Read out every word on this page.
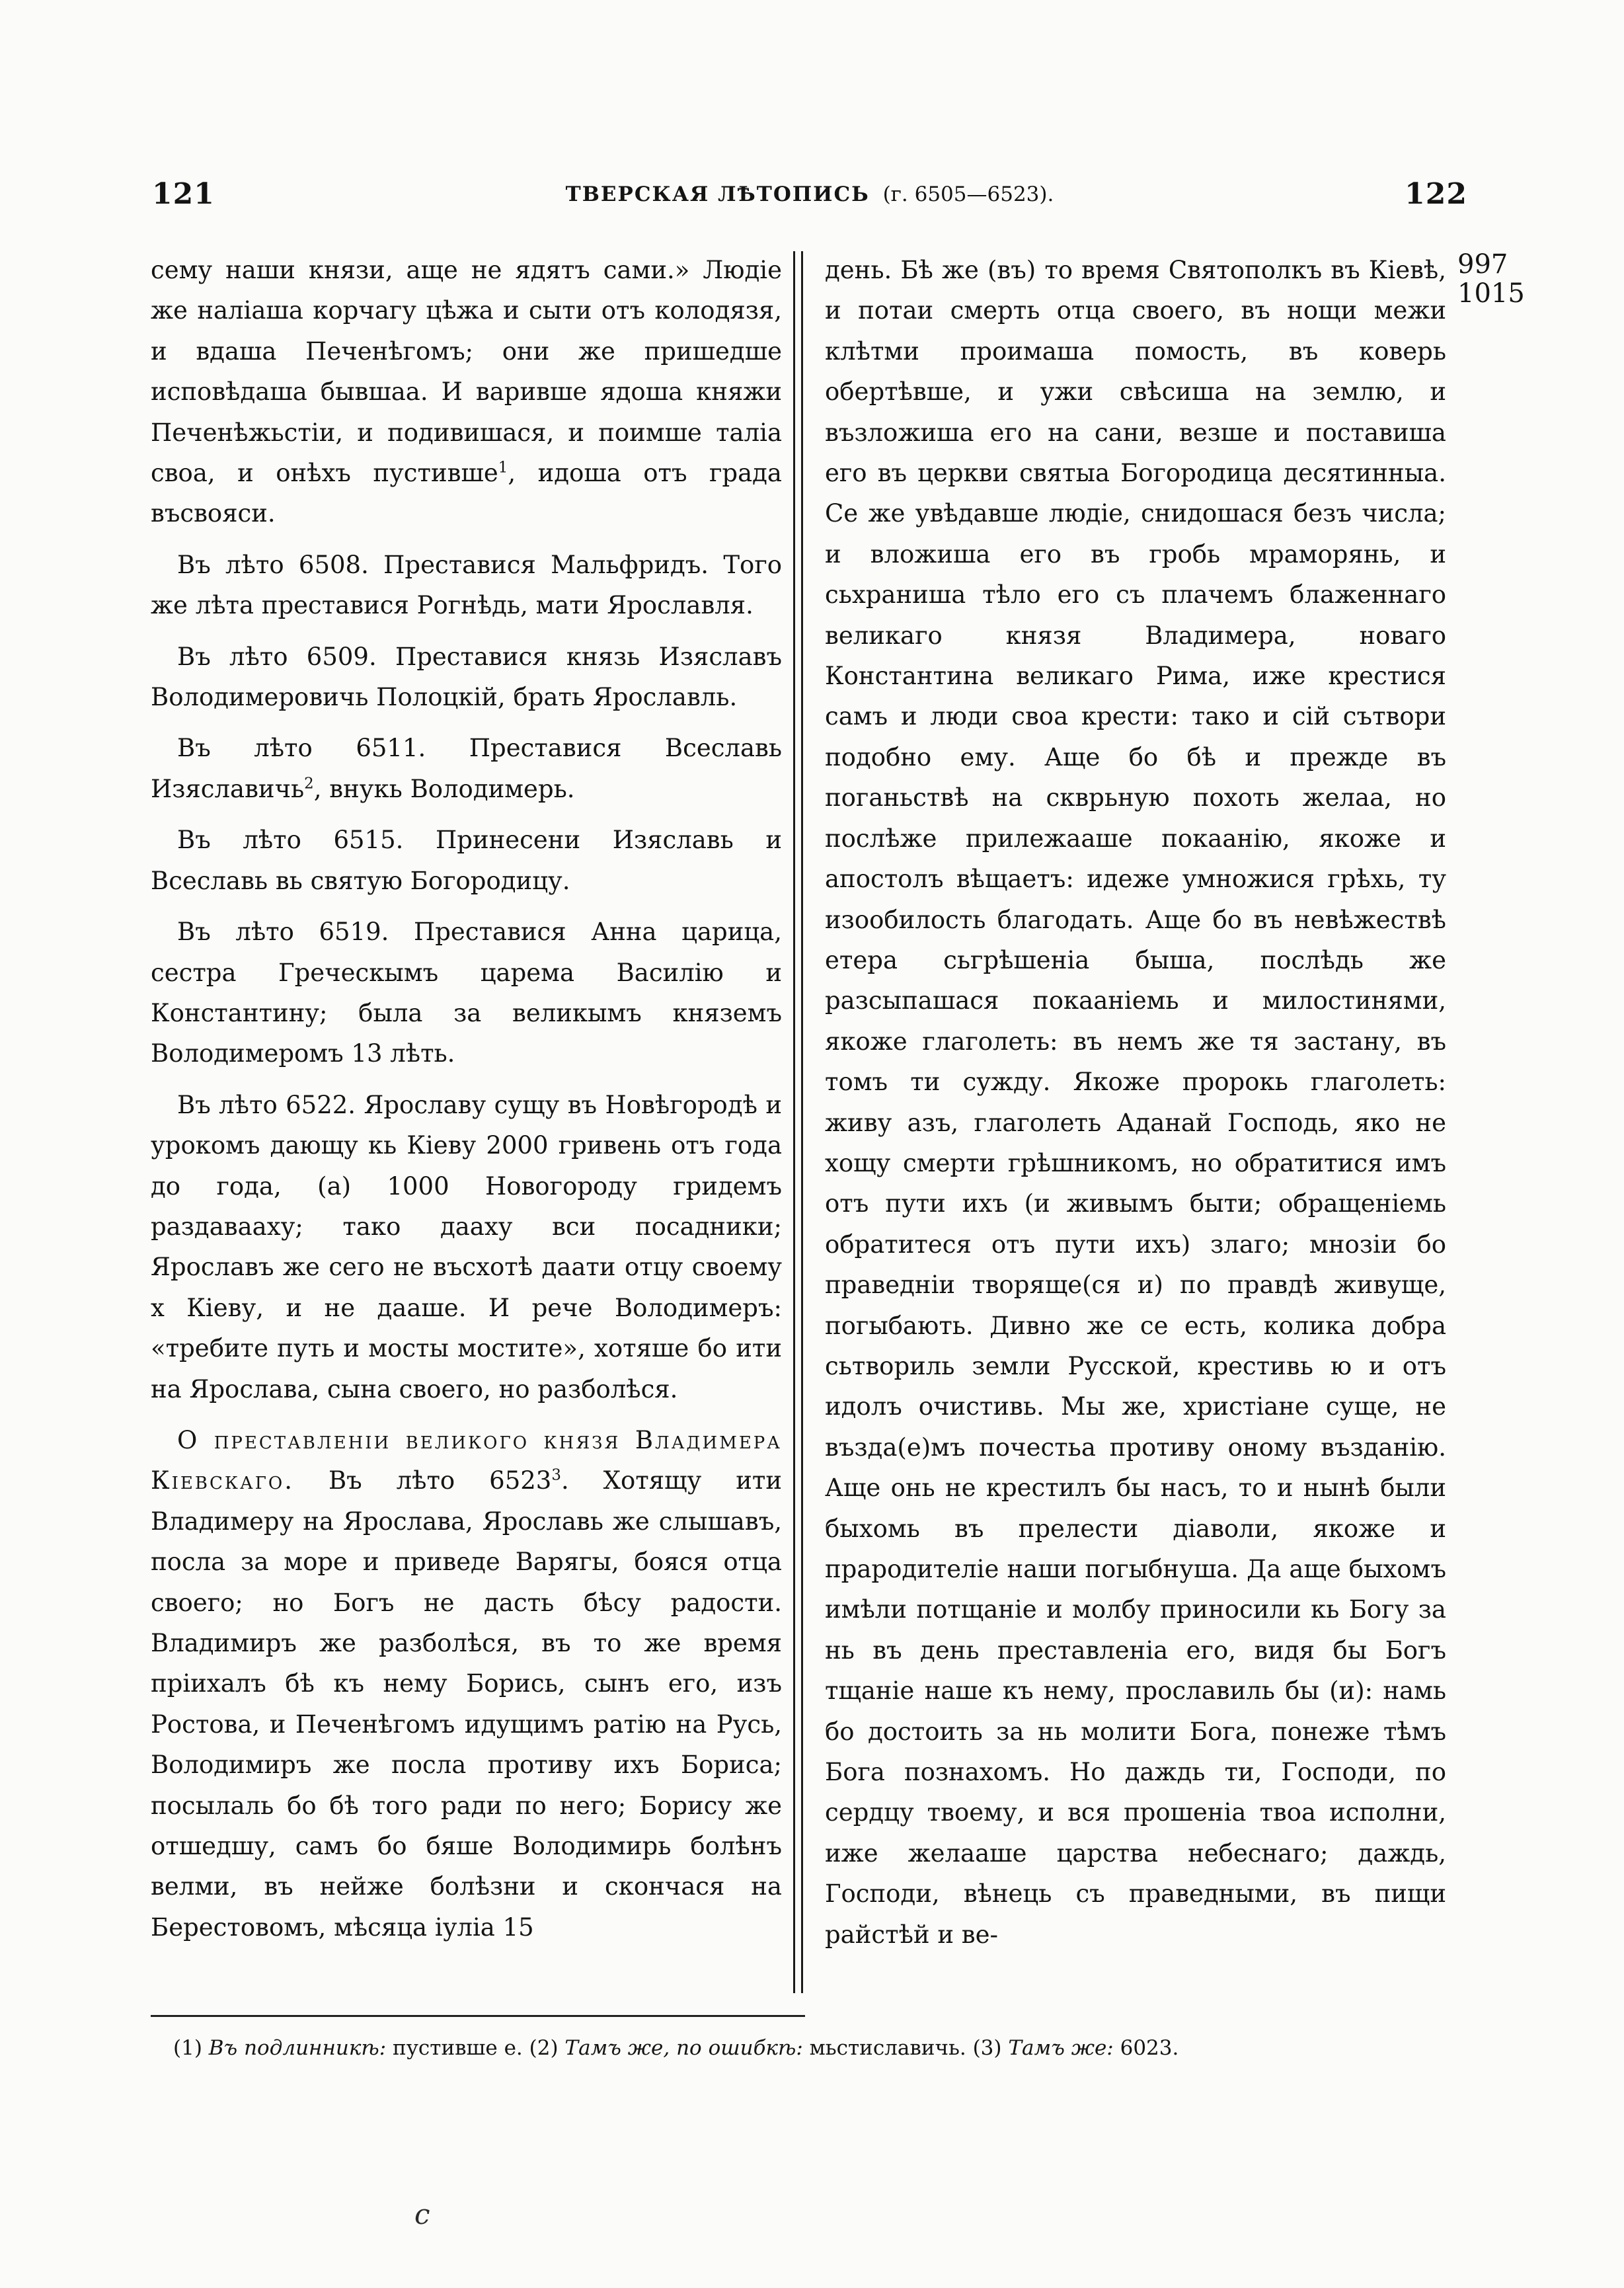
121	ТВЕРСКАЯ ЛѢТОПИСЬ (г. 6505—6523).	122

сему наши князи, аще не ядятъ сами.» Людіе же наліаша корчагу цѣжа и сыти отъ колодязя, и вдаша Печенѣгомъ; они же пришедше исповѣдаша бывшаа. И варивше ядоша княжи Печенѣжьстіи, и подивишася, и поимше таліа своа, и онѣхъ пустивше$^1$, идоша отъ града въсвояси.

Въ лѣто 6508. Преставися Мальфридъ. Того же лѣта преставися Рогнѣдь, мати Ярославля.

Въ лѣто 6509. Преставися князь Изяславъ Володимеровичь Полоцкій, брать Ярославль.

Въ лѣто 6511. Преставися Всеславь Изяславичь$^2$, внукь Володимерь.

Въ лѣто 6515. Принесени Изяславь и Всеславь вь святую Богородицу.

Въ лѣто 6519. Преставися Анна царица, сестра Греческымъ царема Василію и Константину; была за великымъ княземъ Володимеромъ 13 лѣть.

Въ лѣто 6522. Ярославу сущу въ Новѣгородѣ и урокомъ дающу кь Кіеву 2000 гривень отъ года до года, (а) 1000 Новогороду гридемъ раздавааху; тако дааху вси посадники; Ярославъ же сего не въсхотѣ даати отцу своему х Кіеву, и не дааше. И рече Володимеръ: «требите путь и мосты мостите», хотяше бо ити на Ярослава, сына своего, но разболѣся.

О преставленіи великого князя Владимера Кіевскаго. Въ лѣто 6523$^3$. Хотящу ити Владимеру на Ярослава, Ярославь же слышавъ, посла за море и приведе Варягы, бояся отца своего; но Богъ не дасть бѣсу радости. Владимиръ же разболѣся, въ то же время пріихалъ бѣ къ нему Борись, сынъ его, изъ Ростова, и Печенѣгомъ идущимъ ратію на Русь, Володимиръ же посла противу ихъ Бориса; посылаль бо бѣ того ради по него; Борису же отшедшу, самъ бо бяше Володимирь болѣнъ велми, въ нейже болѣзни и скончася на Берестовомъ, мѣсяца іуліа 15

день. Бѣ же (въ) то время Святополкъ въ Кіевѣ, и потаи смерть отца своего, въ нощи межи клѣтми проимаша помость, въ коверь обертѣвше, и ужи свѣсиша на землю, и възложиша его на сани, везше и поставиша его въ церкви святыа Богородица десятинныа. Се же увѣдавше людіе, снидошася безъ числа; и вложиша его въ гробь мраморянь, и сьхраниша тѣло его съ плачемъ блаженнаго великаго князя Владимера, новаго Константина великаго Рима, иже крестися самъ и люди своа крести: тако и сій сътвори подобно ему. Аще бо бѣ и прежде въ поганьствѣ на скврьную похоть желаа, но послѣже прилежааше покаанію, якоже и апостолъ вѣщаетъ: идеже умножися грѣхь, ту изообилость благодать. Аще бо въ невѣжествѣ етера сьгрѣшеніа быша, послѣдь же разсыпашася покааніемь и милостинями, якоже глаголеть: въ немъ же тя застану, въ томъ ти сужду. Якоже пророкь глаголеть: живу азъ, глаголеть Аданай Господь, яко не хощу смерти грѣшникомъ, но обратитися имъ отъ пути ихъ (и живымъ быти; обращеніемь обратитеся отъ пути ихъ) злаго; мнозіи бо праведніи творяще(ся и) по правдѣ живуще, погыбають. Дивно же се есть, колика добра сьтвориль земли Русской, крестивь ю и отъ идолъ очистивь. Мы же, христіане суще, не възда(е)мъ почестьа противу оному възданію. Аще онь не крестилъ бы насъ, то и нынѣ были быхомь въ прелести діаволи, якоже и прародителіе наши погыбнуша. Да аще быхомъ имѣли потщаніе и молбу приносили кь Богу за нь въ день преставленіа его, видя бы Богъ тщаніе наше къ нему, прославиль бы (и): намь бо достоить за нь молити Бога, понеже тѣмъ Бога познахомъ. Но даждь ти, Господи, по сердцу твоему, и вся прошеніа твоа исполни, иже желааше царства небеснаго; даждь, Господи, вѣнець съ праведными, въ пищи райстѣй и ве-

997
1015
(1) Въ подлинникѣ: пустивше е. (2) Тамъ же, по ошибкѣ: мьстиславичь. (3) Тамъ же: 6023.
c
